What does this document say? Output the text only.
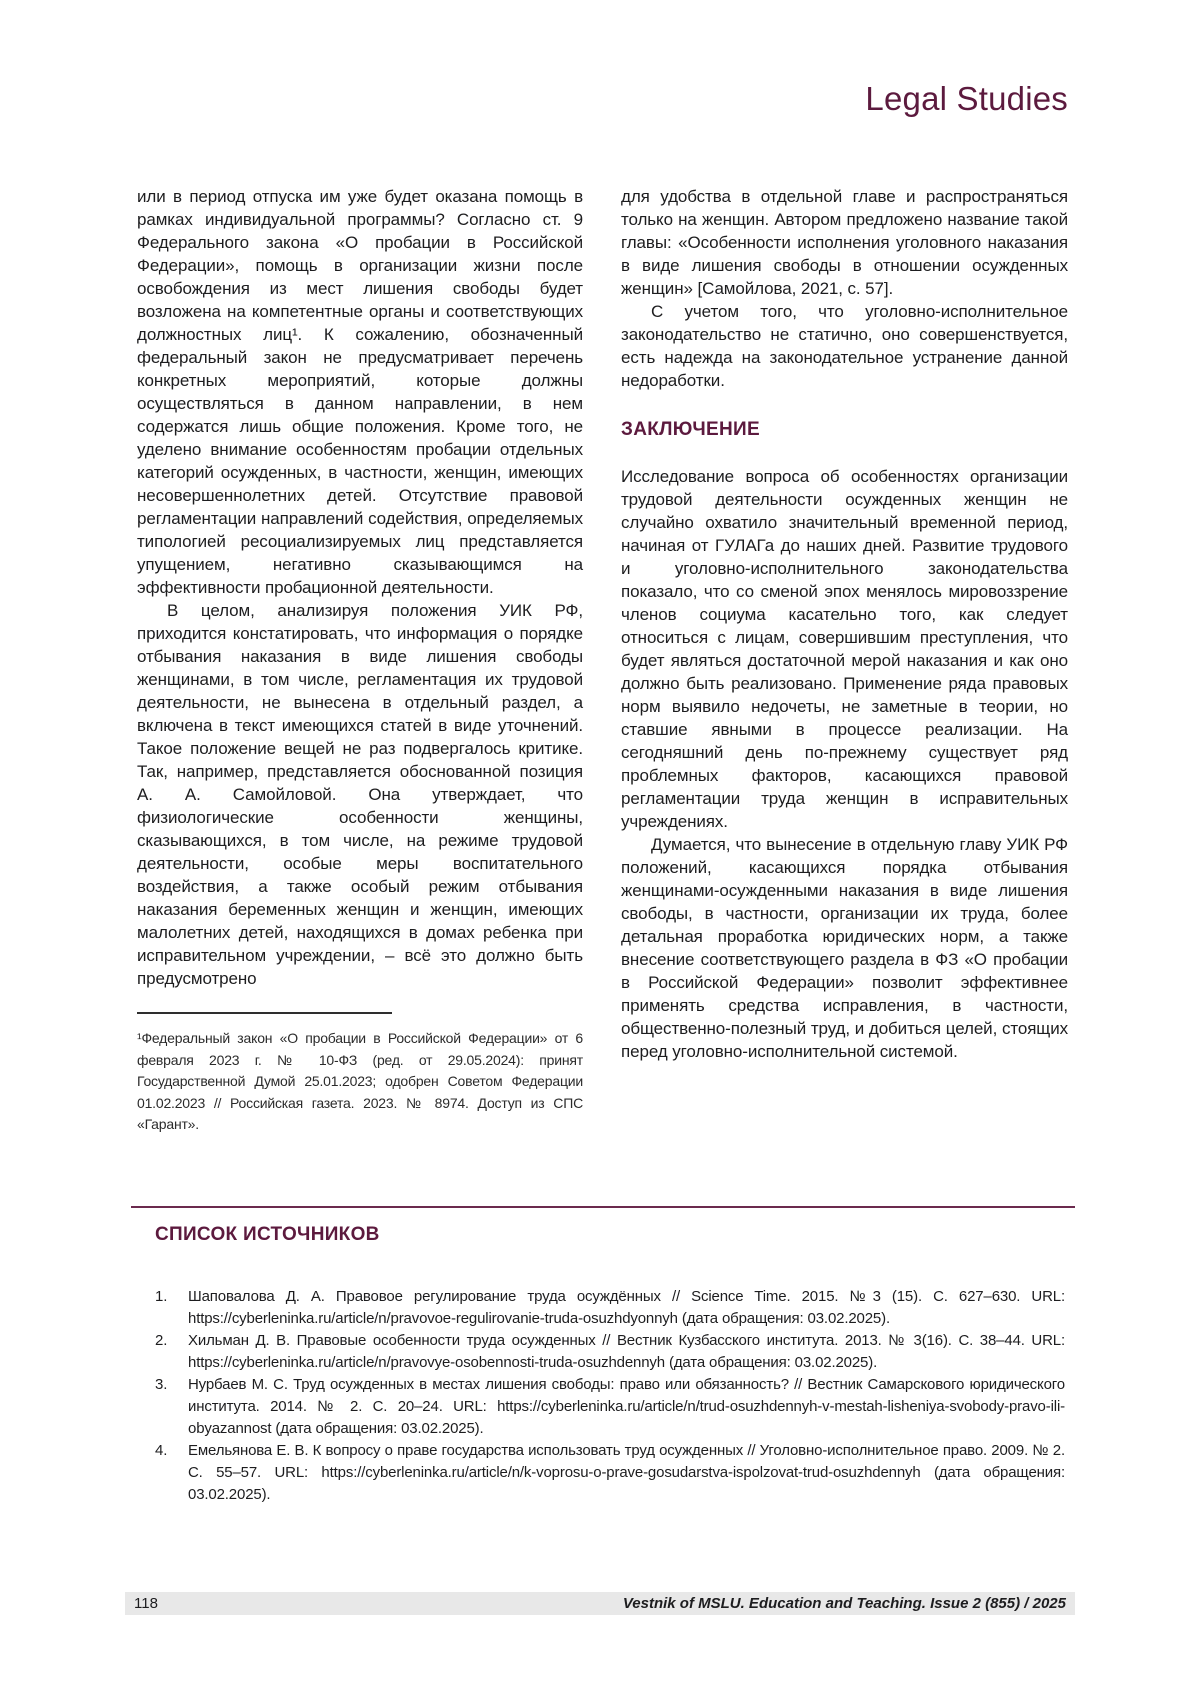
Legal Studies

или в период отпуска им уже будет оказана помощь в рамках индивидуальной программы? Согласно ст. 9 Федерального закона «О пробации в Российской Федерации», помощь в организации жизни после освобождения из мест лишения свободы будет возложена на компетентные органы и соответствующих должностных лиц¹. К сожалению, обозначенный федеральный закон не предусматривает перечень конкретных мероприятий, которые должны осуществляться в данном направлении, в нем содержатся лишь общие положения. Кроме того, не уделено внимание особенностям пробации отдельных категорий осужденных, в частности, женщин, имеющих несовершеннолетних детей. Отсутствие правовой регламентации направлений содействия, определяемых типологией ресоциализируемых лиц представляется упущением, негативно сказывающимся на эффективности пробационной деятельности.

В целом, анализируя положения УИК РФ, приходится констатировать, что информация о порядке отбывания наказания в виде лишения свободы женщинами, в том числе, регламентация их трудовой деятельности, не вынесена в отдельный раздел, а включена в текст имеющихся статей в виде уточнений. Такое положение вещей не раз подвергалось критике. Так, например, представляется обоснованной позиция А. А. Самойловой. Она утверждает, что физиологические особенности женщины, сказывающихся, в том числе, на режиме трудовой деятельности, особые меры воспитательного воздействия, а также особый режим отбывания наказания беременных женщин и женщин, имеющих малолетних детей, находящихся в домах ребенка при исправительном учреждении, – всё это должно быть предусмотрено

¹Федеральный закон «О пробации в Российской Федерации» от 6 февраля 2023 г. № 10-ФЗ (ред. от 29.05.2024): принят Государственной Думой 25.01.2023; одобрен Советом Федерации 01.02.2023 // Российская газета. 2023. № 8974. Доступ из СПС «Гарант».

для удобства в отдельной главе и распространяться только на женщин. Автором предложено название такой главы: «Особенности исполнения уголовного наказания в виде лишения свободы в отношении осужденных женщин» [Самойлова, 2021, с. 57].

С учетом того, что уголовно-исполнительное законодательство не статично, оно совершенствуется, есть надежда на законодательное устранение данной недоработки.

ЗАКЛЮЧЕНИЕ

Исследование вопроса об особенностях организации трудовой деятельности осужденных женщин не случайно охватило значительный временной период, начиная от ГУЛАГа до наших дней. Развитие трудового и уголовно-исполнительного законодательства показало, что со сменой эпох менялось мировоззрение членов социума касательно того, как следует относиться с лицам, совершившим преступления, что будет являться достаточной мерой наказания и как оно должно быть реализовано. Применение ряда правовых норм выявило недочеты, не заметные в теории, но ставшие явными в процессе реализации. На сегодняшний день по-прежнему существует ряд проблемных факторов, касающихся правовой регламентации труда женщин в исправительных учреждениях.

Думается, что вынесение в отдельную главу УИК РФ положений, касающихся порядка отбывания женщинами-осужденными наказания в виде лишения свободы, в частности, организации их труда, более детальная проработка юридических норм, а также внесение соответствующего раздела в ФЗ «О пробации в Российской Федерации» позволит эффективнее применять средства исправления, в частности, общественно-полезный труд, и добиться целей, стоящих перед уголовно-исполнительной системой.

СПИСОК ИСТОЧНИКОВ
1.	Шаповалова Д. А. Правовое регулирование труда осуждённых // Science Time. 2015. №3 (15). С. 627–630. URL: https://cyberleninka.ru/article/n/pravovoe-regulirovanie-truda-osuzhdyonnyh (дата обращения: 03.02.2025).
2.	Хильман Д. В. Правовые особенности труда осужденных // Вестник Кузбасского института. 2013. № 3(16). С. 38–44. URL: https://cyberleninka.ru/article/n/pravovye-osobennosti-truda-osuzhdennyh (дата обращения: 03.02.2025).
3.	Нурбаев М. С. Труд осужденных в местах лишения свободы: право или обязанность? // Вестник Самарскового юридического института. 2014. № 2. С. 20–24. URL: https://cyberleninka.ru/article/n/trud-osuzhdennyh-v-mestah-lisheniya-svobody-pravo-ili-obyazannost (дата обращения: 03.02.2025).
4.	Емельянова Е. В. К вопросу о праве государства использовать труд осужденных // Уголовно-исполнительное право. 2009. № 2. С. 55–57. URL: https://cyberleninka.ru/article/n/k-voprosu-o-prave-gosudarstva-ispolzovat-trud-osuzhdennyh (дата обращения: 03.02.2025).
118	Vestnik of MSLU. Education and Teaching. Issue 2 (855) / 2025
